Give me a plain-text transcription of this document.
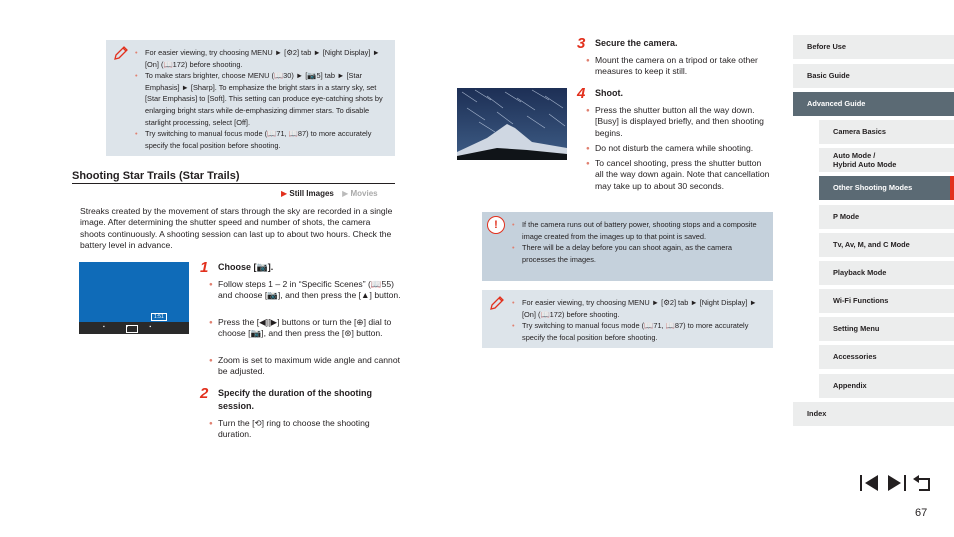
• For easier viewing, try choosing MENU ► [⚙2] tab ► [Night Display] ► [On] (📖172) before shooting.
• To make stars brighter, choose MENU (📖30) ► [📷5] tab ► [Star Emphasis] ► [Sharp]. To emphasize the bright stars in a starry sky, set [Star Emphasis] to [Soft]. This setting can produce eye-catching shots by enlarging bright stars while de-emphasizing dimmer stars. To disable starlight processing, select [Off].
• Try switching to manual focus mode (📖71, 📖87) to more accurately specify the focal position before shooting.
Shooting Star Trails (Star Trails)
▶ Still Images ▶ Movies
Streaks created by the movement of stars through the sky are recorded in a single image. After determining the shutter speed and number of shots, the camera shoots continuously. A shooting session can last up to about two hours. Check the battery level in advance.
1:51
▪ ▪ ▪
1 Choose [📷].
● Follow steps 1 – 2 in “Specific Scenes” (📖55) and choose [📷], and then press the [▲] button.
● Press the [◀][▶] buttons or turn the [⊕] dial to choose [📷], and then press the [⊛] button.
● Zoom is set to maximum wide angle and cannot be adjusted.
2 Specify the duration of the shooting session.
● Turn the [⟲] ring to choose the shooting duration.
3 Secure the camera.
● Mount the camera on a tripod or take other measures to keep it still.
4 Shoot.
● Press the shutter button all the way down. [Busy] is displayed briefly, and then shooting begins.
● Do not disturb the camera while shooting.
● To cancel shooting, press the shutter button all the way down again. Note that cancellation may take up to about 30 seconds.
!
•	If the camera runs out of battery power, shooting stops and a composite image created from the images up to that point is saved.
• There will be a delay before you can shoot again, as the camera processes the images.
• For easier viewing, try choosing MENU ► [⚙2] tab ► [Night Display] ► [On] (📖172) before shooting.
• Try switching to manual focus mode (📖71, 📖87) to more accurately specify the focal position before shooting.
Before Use
Basic Guide
Advanced Guide
Camera Basics
Auto Mode /
Hybrid Auto Mode
Other Shooting Modes
P Mode
Tv, Av, M, and C Mode
Playback Mode
Wi-Fi Functions
Setting Menu
Accessories
Appendix
Index
67
